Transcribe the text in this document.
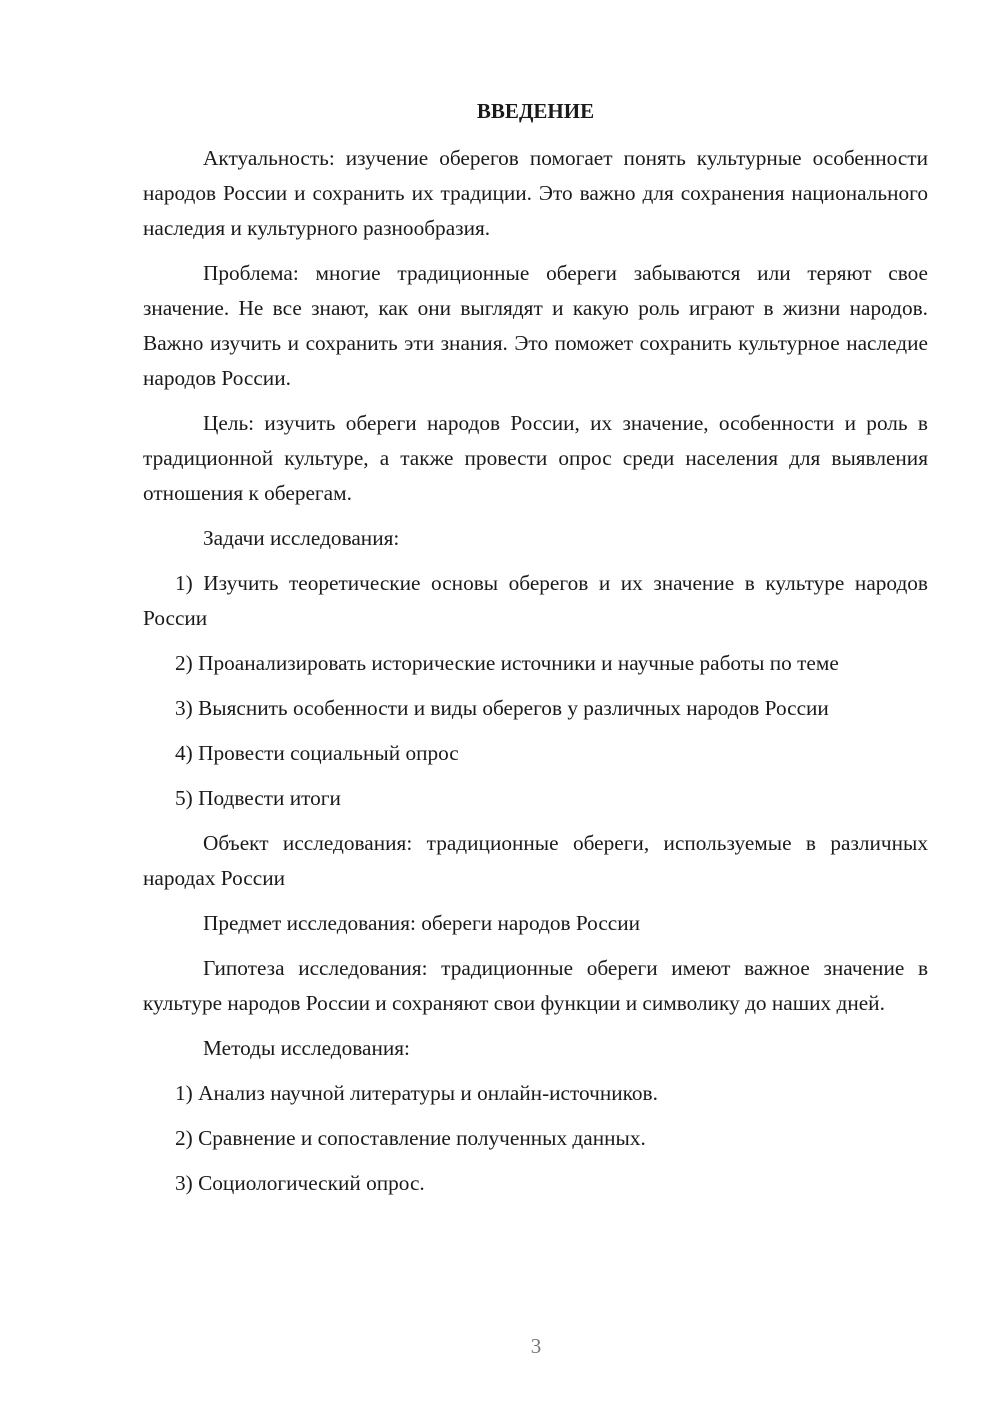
ВВЕДЕНИЕ
Актуальность: изучение оберегов помогает понять культурные особенности народов России и сохранить их традиции. Это важно для сохранения национального наследия и культурного разнообразия.
Проблема: многие традиционные обереги забываются или теряют свое значение. Не все знают, как они выглядят и какую роль играют в жизни народов. Важно изучить и сохранить эти знания. Это поможет сохранить культурное наследие народов России.
Цель: изучить обереги народов России, их значение, особенности и роль в традиционной культуре, а также провести опрос среди населения для выявления отношения к оберегам.
Задачи исследования:
1) Изучить теоретические основы оберегов и их значение в культуре народов России
2) Проанализировать исторические источники и научные работы по теме
3) Выяснить особенности и виды оберегов у различных народов России
4) Провести социальный опрос
5) Подвести итоги
Объект исследования: традиционные обереги, используемые в различных народах России
Предмет исследования: обереги народов России
Гипотеза исследования: традиционные обереги имеют важное значение в культуре народов России и сохраняют свои функции и символику до наших дней.
Методы исследования:
1) Анализ научной литературы и онлайн-источников.
2) Сравнение и сопоставление полученных данных.
3) Социологический опрос.
3
